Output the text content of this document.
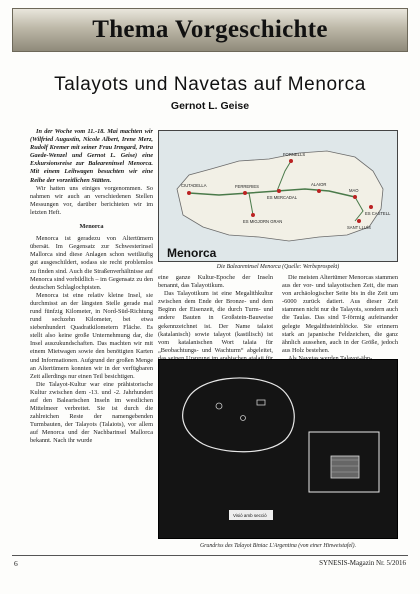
Thema Vorgeschichte
Talayots und Navetas auf Menorca
Gernot L. Geise

In der Woche vom 11.-18. Mai machten wir (Wilfried Augustin, Nicole Albert, Irene Merz, Rudolf Kremer mit seiner Frau Irmgard, Petra Gaede-Wenzel und Gernot L. Geise) eine Exkursionsreise zur Baleareninsel Menorca. Mit einem Leihwagen besuchten wir eine Reihe der vorzeitlichen Stätten.

Wir hatten uns einiges vorgenommen. So nahmen wir auch an verschiedenen Stellen Messungen vor, darüber berichteten wir im letzten Heft.

Menorca

Menorca ist geradezu von Altertümern übersät. Im Gegensatz zur Schwesterinsel Mallorca sind diese Anlagen schon weitläufig gut ausgeschildert, sodass sie recht problemlos zu finden sind. Auch die Straßenverhältnisse auf Menorca sind vorbildlich – im Gegensatz zu den deutschen Schlaglochpisten.

Menorca ist eine relativ kleine Insel, sie durchmisst an der längsten Stelle gerade mal rund fünfzig Kilometer, in Nord-Süd-Richtung rund sechzehn Kilometer, bei etwa siebenhundert Quadratkilometern Fläche. Es stellt also keine große Unternehmung dar, die Insel auszukundschaften. Das machten wir mit einem Mietwagen sowie den benötigten Karten und Informationen. Aufgrund der großen Menge an Altertümern konnten wir in der verfügbaren Zeit allerdings nur einen Teil besichtigen.

Die Talayot-Kultur war eine prähistorische Kultur zwischen dem -13. und -2. Jahrhundert auf den Balearischen Inseln im westlichen Mittelmeer verbreitet. Sie ist durch die zahlreichen Reste der namengebenden Turmbauten, der Talayots (Talaiots), vor allem auf Menorca und der Nachbarinsel Mallorca bekannt. Nach ihr wurde

CIUTADELLA	FERRERIES
ES MIGJORN GRAN
ES MERCADAL
ALAIOR
FORNELLS
MAO
SANT LLUÍS
ES CASTELL
Menorca
Die Baleareninsel Menorca (Quelle: Werbeprospekt)

eine ganze Kultur-Epoche der Inseln benannt, das Talayotikum.

Das Talayotikum ist eine Megalithkultur zwischen dem Ende der Bronze- und dem Beginn der Eisenzeit, die durch Turm- und andere Bauten in Großstein-Bauweise gekennzeichnet ist. Der Name talaiot (katalanisch) sowie talayot (kastilisch) ist vom katalanischen Wort talaia für „Beobachtungs- und Wachturm“ abgeleitet,

Die meisten Altertümer Menorcas stammen aus der vor- und talayotischen Zeit, die man von archäologischer Seite bis in die Zeit um -6000 zurück datiert. Aus dieser Zeit stammen nicht nur die Talayots, sondern auch die Taulas. Das sind T-förmig aufeinander gelegte Megalithsteinblöcke. Sie erinnern stark an japanische Feldzeichen, die ganz ähnlich aussehen, auch in der Größe, jedoch aus Holz bestehen.

Visió amb secció
Grundriss des Talayot Biniac L'Argentina (von einer Hinweistafel).
6	SYNESIS-Magazin Nr. 5/2016
